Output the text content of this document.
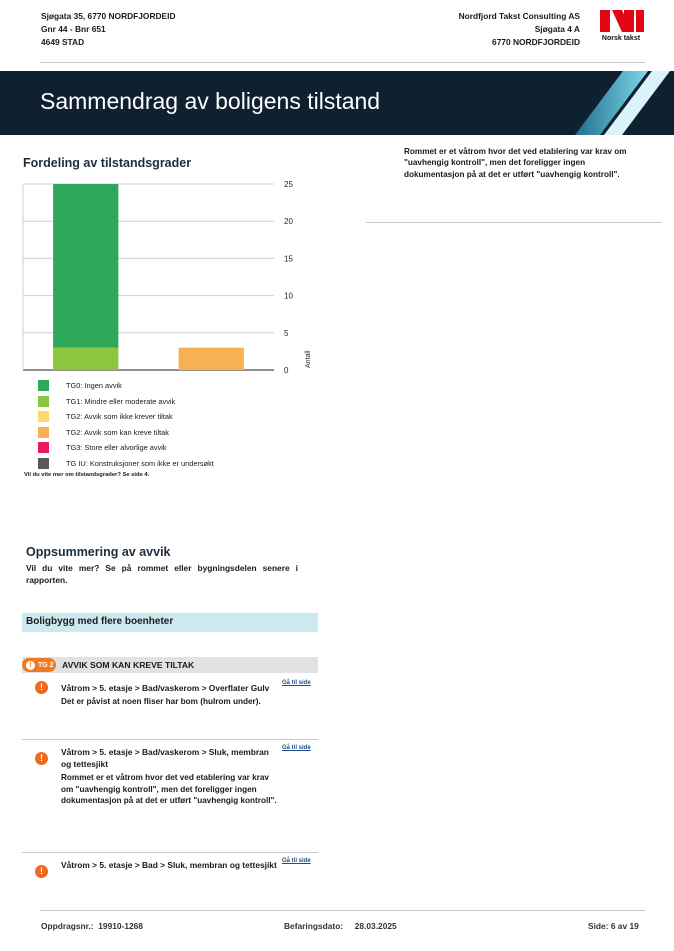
Sjøgata 35, 6770 NORDFJORDEID
Gnr 44 - Bnr 651
4649 STAD
Nordfjord Takst Consulting AS
Sjøgata 4 A
6770 NORDFJORDEID	Norsk takst
Sammendrag av boligens tilstand
Fordeling av tilstandsgrader
0
5
10
15
20
25
Antall
TG0: Ingen avvik
TG1: Mindre eller moderate avvik
TG2: Avvik som ikke krever tiltak
TG2: Avvik som kan kreve tiltak
TG3: Store eller alvorlige avvik
TG IU: Konstruksjoner som ikke er undersøkt
Vil du vite mer om tilstandsgrader? Se side 4.
Rommet er et våtrom hvor det ved etablering var krav om "uavhengig kontroll", men det foreligger ingen dokumentasjon på at det er utført "uavhengig kontroll".
Oppsummering av avvik
Vil du vite mer? Se på rommet eller bygningsdelen senere i rapporten.
Boligbygg med flere boenheter
! TG 2 AVVIK SOM KAN KREVE TILTAK
!	Våtrom > 5. etasje > Bad/vaskerom > Overflater Gulv
Det er påvist at noen fliser har bom (hulrom under).
Gå til side
!
Våtrom > 5. etasje > Bad/vaskerom > Sluk, membran og tettesjikt
Rommet er et våtrom hvor det ved etablering var krav om "uavhengig kontroll", men det foreligger ingen dokumentasjon på at det er utført "uavhengig kontroll".
Gå til side
!
Våtrom > 5. etasje > Bad > Sluk, membran og tettesjikt Gå til side
Oppdragsnr.: 19910-1268	Befaringsdato: 28.03.2025	Side: 6 av 19
